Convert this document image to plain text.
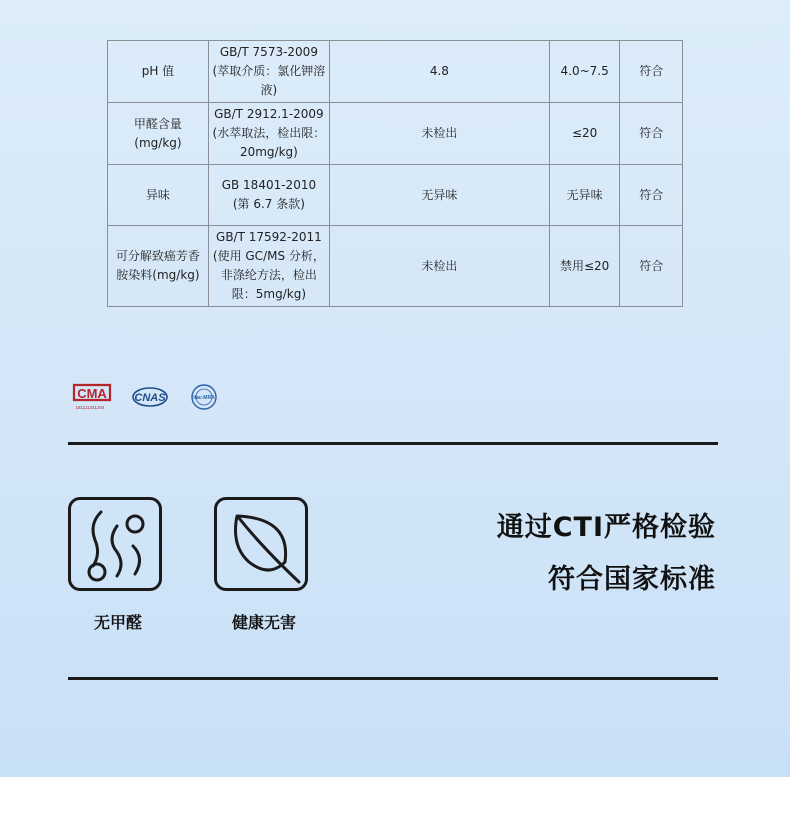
pH 值	GB/T 7573-2009
(萃取介质：氯化钾溶
液)	4.8	4.0~7.5	符合
甲醛含量
(mg/kg)	GB/T 2912.1-2009
(水萃取法，检出限：
20mg/kg)	未检出	≤20	符合
异味	GB 18401-2010
(第 6.7 条款)	无异味	无异味	符合
可分解致癌芳香
胺染料(mg/kg)	GB/T 17592-2011
(使用 GC/MS 分析，
非涤纶方法，检出
限：5mg/kg)	未检出	禁用≤20	符合
CMA
181111341204
CNAS	ilac-MRA
无甲醛	健康无害
通过CTI严格检验
符合国家标准
